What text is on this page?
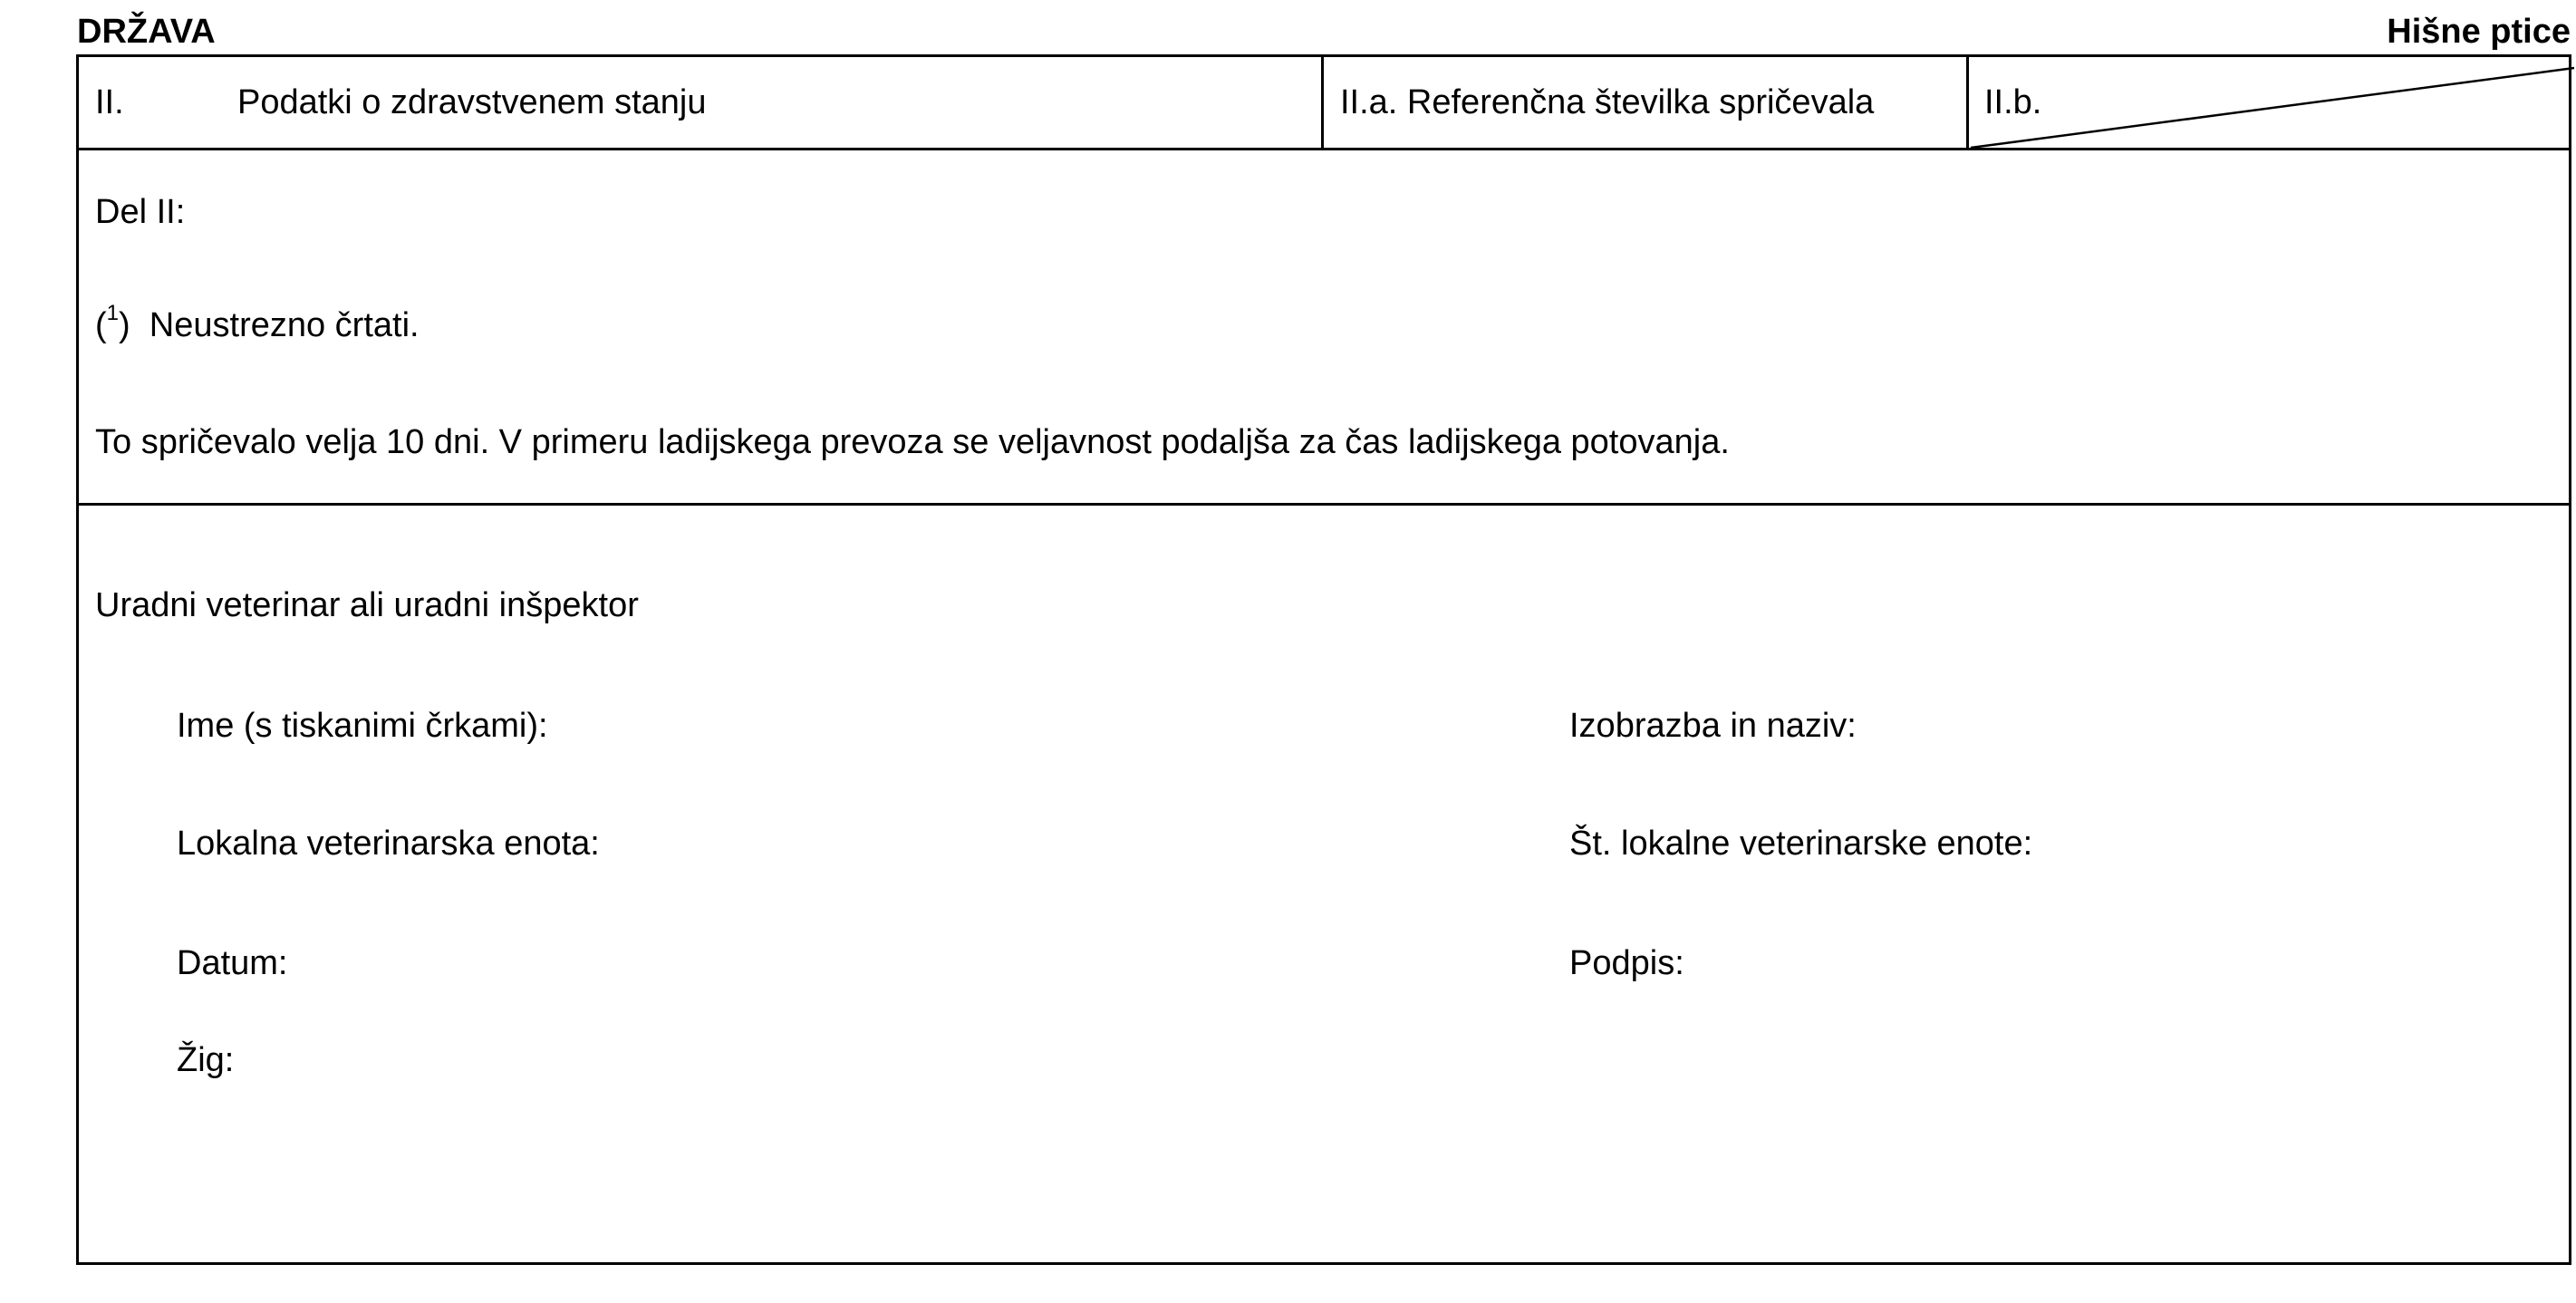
DRŽAVA	Hišne ptice
II.	Podatki o zdravstvenem stanju	II.a. Referenčna številka spričevala	II.b.
Del II:
($^1$)  Neustrezno črtati.
To spričevalo velja 10 dni. V primeru ladijskega prevoza se veljavnost podaljša za čas ladijskega potovanja.
Uradni veterinar ali uradni inšpektor
Ime (s tiskanimi črkami):	Izobrazba in naziv:
Lokalna veterinarska enota:	Št. lokalne veterinarske enote:
Datum:	Podpis:
Žig:
